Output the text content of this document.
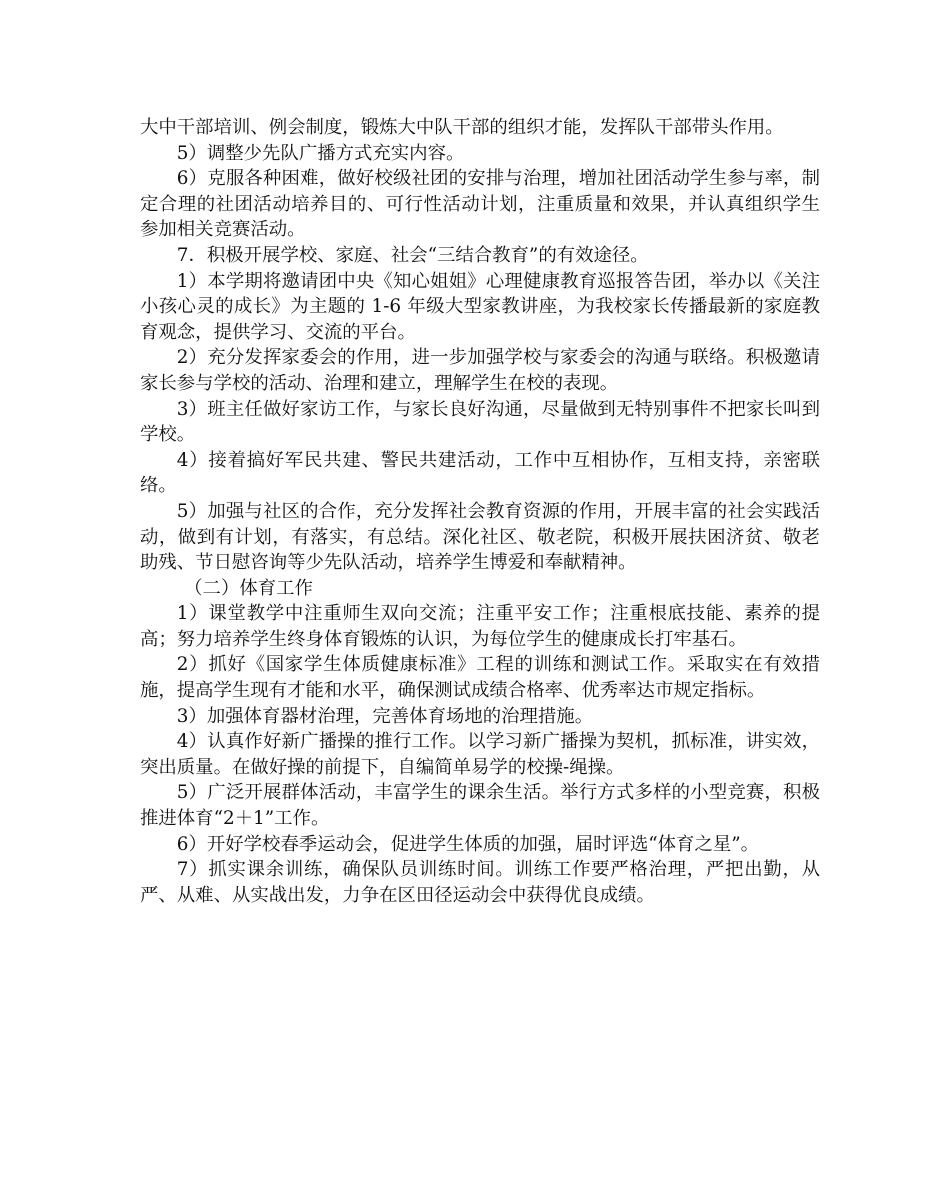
大中干部培训、例会制度，锻炼大中队干部的组织才能，发挥队干部带头作用。

5）调整少先队广播方式充实内容。

6）克服各种困难，做好校级社团的安排与治理，增加社团活动学生参与率，制定合理的社团活动培养目的、可行性活动计划，注重质量和效果，并认真组织学生参加相关竞赛活动。

7．积极开展学校、家庭、社会“三结合教育”的有效途径。

1）本学期将邀请团中央《知心姐姐》心理健康教育巡报答告团，举办以《关注小孩心灵的成长》为主题的 1-6 年级大型家教讲座，为我校家长传播最新的家庭教育观念，提供学习、交流的平台。

2）充分发挥家委会的作用，进一步加强学校与家委会的沟通与联络。积极邀请家长参与学校的活动、治理和建立，理解学生在校的表现。

3）班主任做好家访工作，与家长良好沟通，尽量做到无特别事件不把家长叫到学校。

4）接着搞好军民共建、警民共建活动，工作中互相协作，互相支持，亲密联络。

5）加强与社区的合作，充分发挥社会教育资源的作用，开展丰富的社会实践活动，做到有计划，有落实，有总结。深化社区、敬老院，积极开展扶困济贫、敬老助残、节日慰咨询等少先队活动，培养学生博爱和奉献精神。

（二）体育工作

1）课堂教学中注重师生双向交流；注重平安工作；注重根底技能、素养的提高；努力培养学生终身体育锻炼的认识，为每位学生的健康成长打牢基石。

2）抓好《国家学生体质健康标准》工程的训练和测试工作。采取实在有效措施，提高学生现有才能和水平，确保测试成绩合格率、优秀率达市规定指标。

3）加强体育器材治理，完善体育场地的治理措施。

4）认真作好新广播操的推行工作。以学习新广播操为契机，抓标准，讲实效，突出质量。在做好操的前提下，自编简单易学的校操-绳操。

5）广泛开展群体活动，丰富学生的课余生活。举行方式多样的小型竞赛，积极推进体育“2＋1”工作。

6）开好学校春季运动会，促进学生体质的加强，届时评选“体育之星”。

7）抓实课余训练，确保队员训练时间。训练工作要严格治理，严把出勤，从严、从难、从实战出发，力争在区田径运动会中获得优良成绩。
